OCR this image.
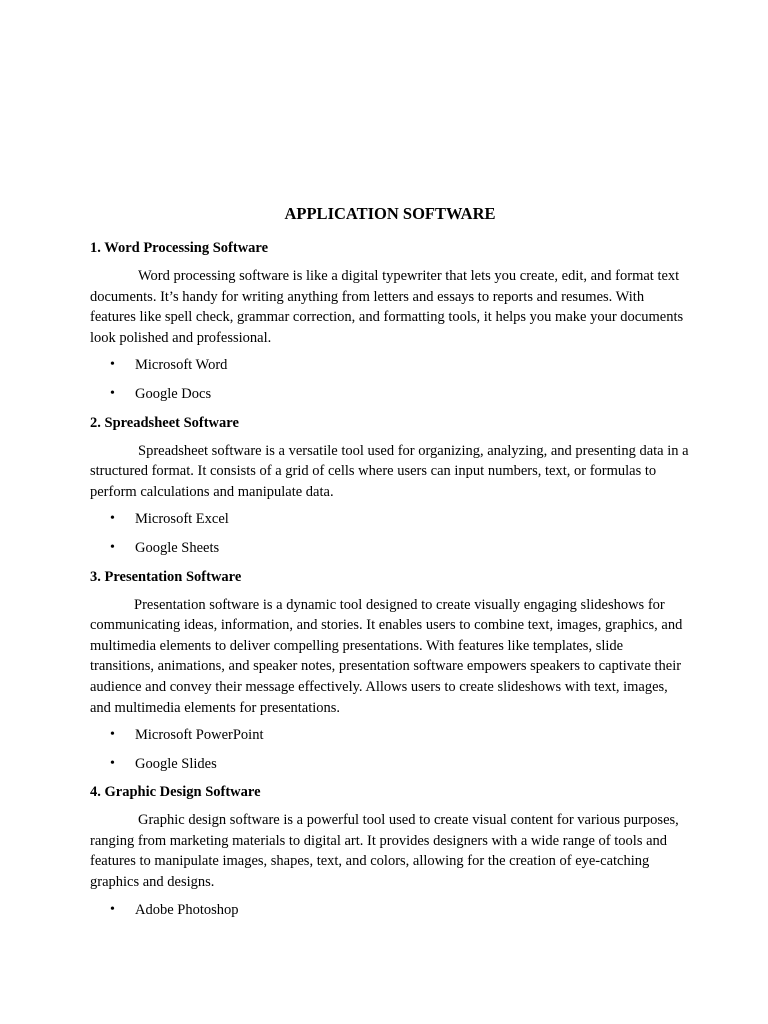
APPLICATION SOFTWARE
1. Word Processing Software

Word processing software is like a digital typewriter that lets you create, edit, and format text documents. It’s handy for writing anything from letters and essays to reports and resumes. With features like spell check, grammar correction, and formatting tools, it helps you make your documents look polished and professional.

• Microsoft Word
• Google Docs
2. Spreadsheet Software

Spreadsheet software is a versatile tool used for organizing, analyzing, and presenting data in a structured format. It consists of a grid of cells where users can input numbers, text, or formulas to perform calculations and manipulate data.

• Microsoft Excel
• Google Sheets
3. Presentation Software

Presentation software is a dynamic tool designed to create visually engaging slideshows for communicating ideas, information, and stories. It enables users to combine text, images, graphics, and multimedia elements to deliver compelling presentations. With features like templates, slide transitions, animations, and speaker notes, presentation software empowers speakers to captivate their audience and convey their message effectively. Allows users to create slideshows with text, images, and multimedia elements for presentations.

• Microsoft PowerPoint
• Google Slides
4. Graphic Design Software

Graphic design software is a powerful tool used to create visual content for various purposes, ranging from marketing materials to digital art. It provides designers with a wide range of tools and features to manipulate images, shapes, text, and colors, allowing for the creation of eye-catching graphics and designs.

• Adobe Photoshop
